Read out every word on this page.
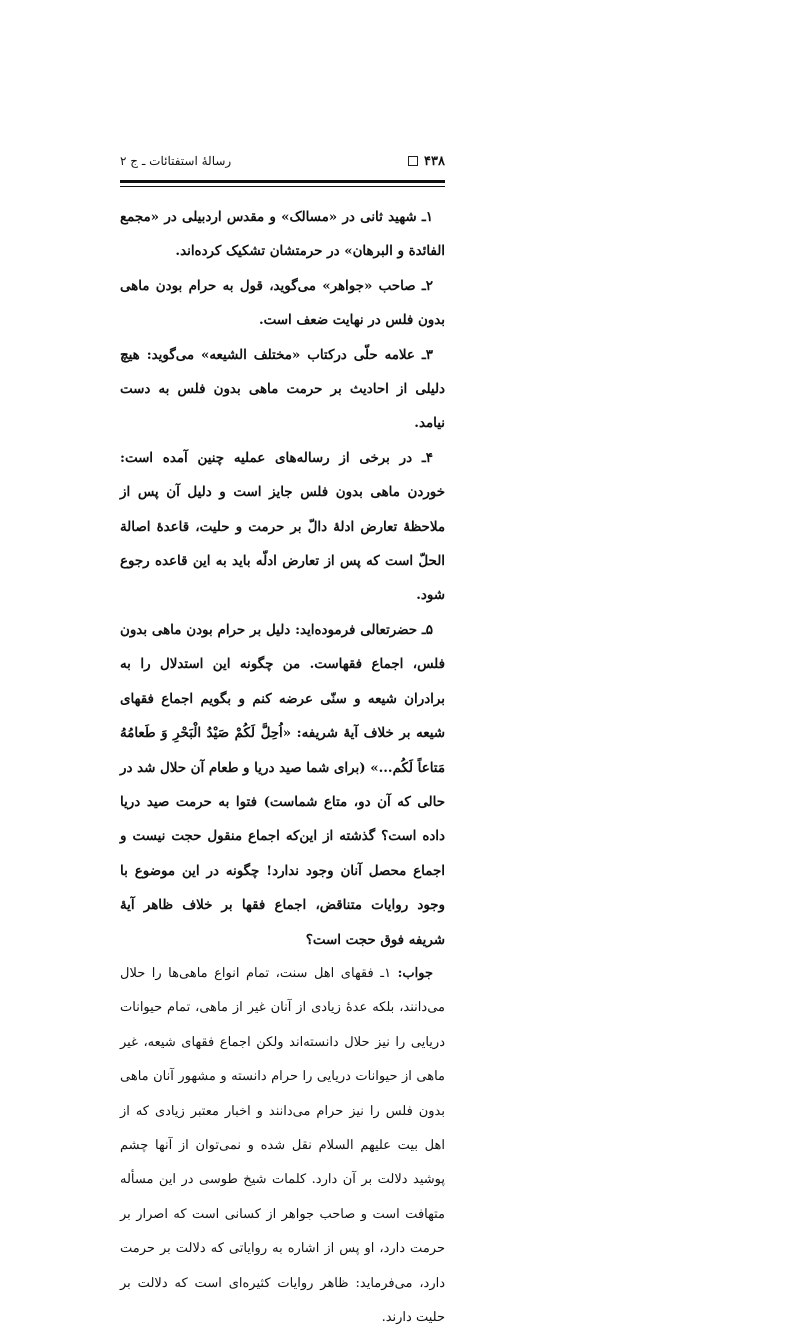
۴۳۸
رسالهٔ استفتائات ـ ج ۲

۱ـ شهید ثانی در «مسالک» و مقدس اردبیلی در «مجمع الفائدة و البرهان» در حرمتشان تشکیک کرده‌اند.

۲ـ صاحب «جواهر» می‌گوید، قول به حرام بودن ماهی بدون فلس در نهایت ضعف است.

۳ـ علامه حلّی درکتاب «مختلف الشیعه» می‌گوید: هیچ دلیلی از احادیث بر حرمت ماهی بدون فلس به دست نیامد.

۴ـ در برخی از رساله‌های عملیه چنین آمده است: خوردن ماهی بدون فلس جایز است و دلیل آن پس از ملاحظهٔ تعارض ادلهٔ دالّ بر حرمت و حلیت، قاعدهٔ اصالة الحلّ است که پس از تعارض ادلّه باید به این قاعده رجوع شود.

۵ـ حضرتعالی فرموده‌اید: دلیل بر حرام بودن ماهی بدون فلس، اجماع فقهاست. من چگونه این استدلال را به برادران شیعه و سنّی عرضه کنم و بگویم اجماع فقهای شیعه بر خلاف آیهٔ شریفه: «اُحِلَّ لَکُمْ صَیْدُ الْبَحْرِ وَ طَعامُهُ مَتاعاً لَکُم...» (برای شما صید دریا و طعام آن حلال شد در حالی که آن دو، متاع شماست) فتوا به حرمت صید دریا داده است؟ گذشته از این‌که اجماع منقول حجت نیست و اجماع محصل آنان وجود ندارد! چگونه در این موضوع با وجود روایات متناقض، اجماع فقها بر خلاف ظاهر آیهٔ شریفه فوق حجت است؟

جواب: ۱ـ فقهای اهل سنت، تمام انواع ماهی‌ها را حلال می‌دانند، بلکه عدهٔ زیادی از آنان غیر از ماهی، تمام حیوانات دریایی را نیز حلال دانسته‌اند ولکن اجماع فقهای شیعه، غیر ماهی از حیوانات دریایی را حرام دانسته و مشهور آنان ماهی بدون فلس را نیز حرام می‌دانند و اخبار معتبر زیادی که از اهل بیت علیهم السلام نقل شده و نمی‌توان از آنها چشم پوشید دلالت بر آن دارد. کلمات شیخ طوسی در این مسأله متهافت است و صاحب جواهر از کسانی است که اصرار بر حرمت دارد، او پس از اشاره به روایاتی که دلالت بر حرمت دارد، می‌فرماید: ظاهر روایات کثیره‌ای است که دلالت بر حلیت دارند.
